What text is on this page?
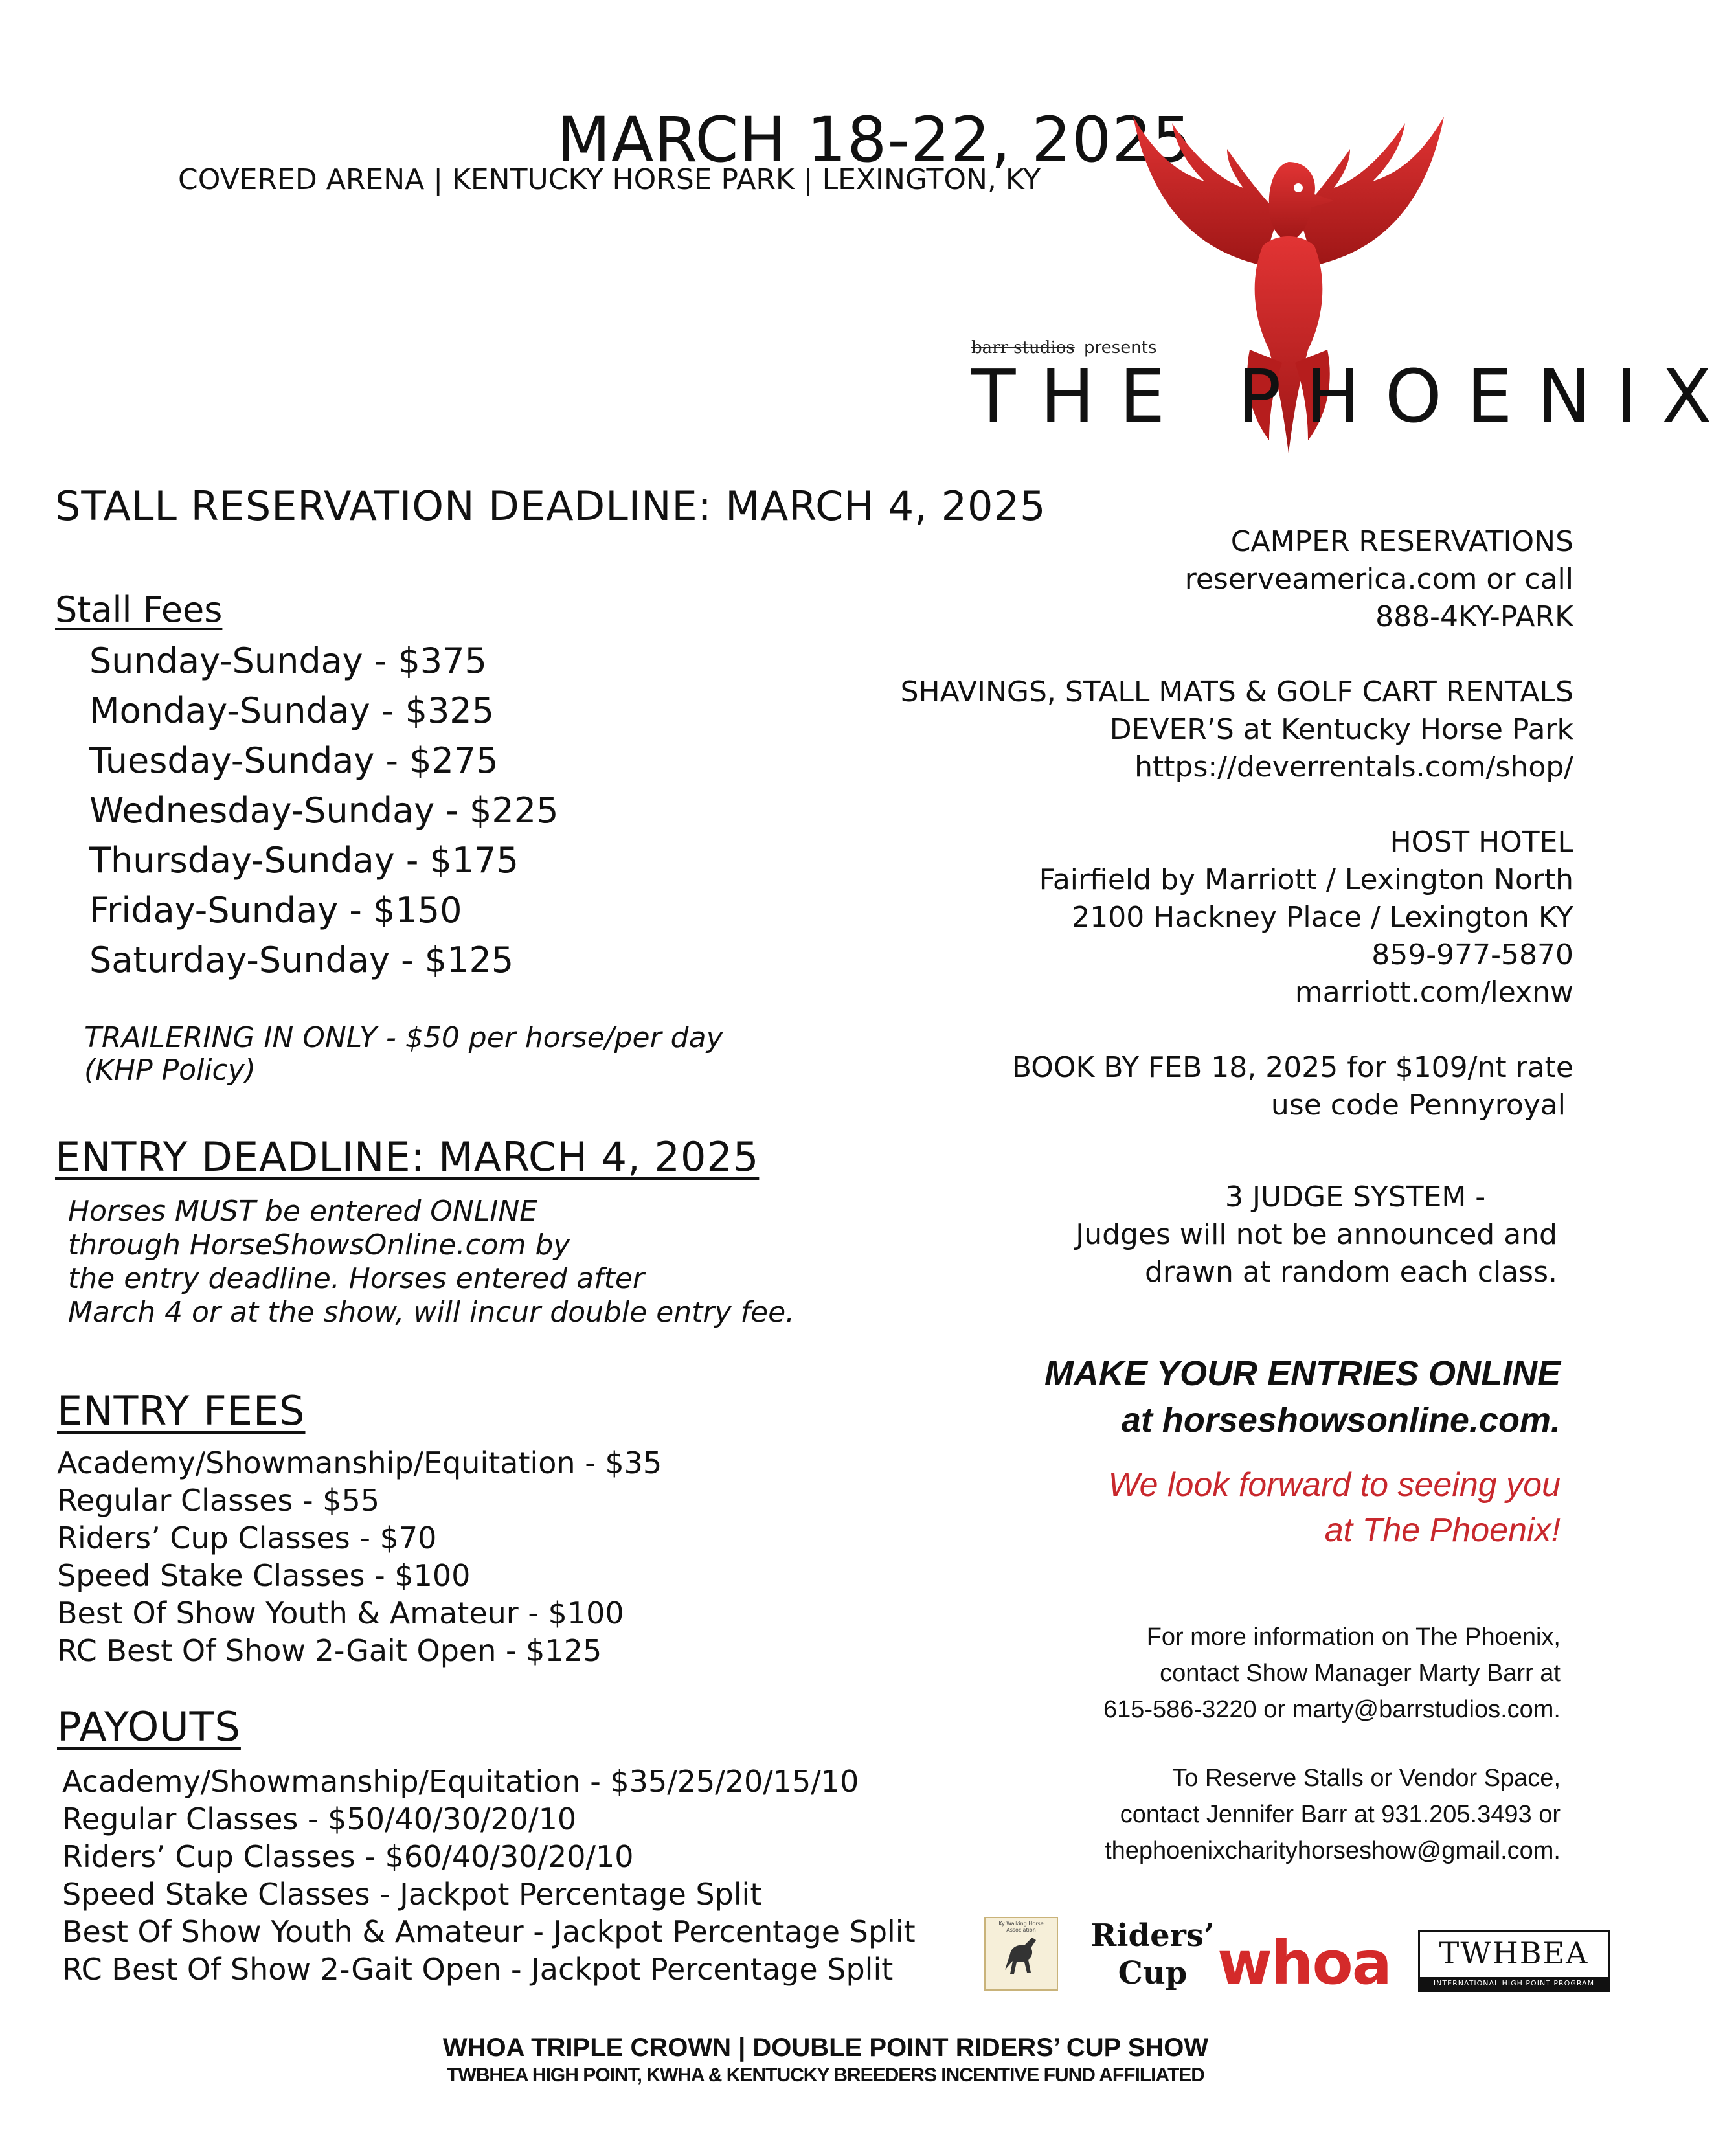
MARCH 18-22, 2025
COVERED ARENA | KENTUCKY HORSE PARK | LEXINGTON, KY
barr studios presents
THE PHOENIX
STALL RESERVATION DEADLINE: MARCH 4, 2025
Stall Fees
Sunday-Sunday - $375
Monday-Sunday - $325
Tuesday-Sunday - $275
Wednesday-Sunday - $225
Thursday-Sunday - $175
Friday-Sunday - $150
Saturday-Sunday - $125
TRAILERING IN ONLY - $50 per horse/per day
(KHP Policy)
ENTRY DEADLINE: MARCH 4, 2025
Horses MUST be entered ONLINE
through HorseShowsOnline.com by
the entry deadline. Horses entered after
March 4 or at the show, will incur double entry fee.
ENTRY FEES
Academy/Showmanship/Equitation - $35
Regular Classes - $55
Riders’ Cup Classes - $70
Speed Stake Classes - $100
Best Of Show Youth & Amateur - $100
RC Best Of Show 2-Gait Open - $125
PAYOUTS
Academy/Showmanship/Equitation - $35/25/20/15/10
Regular Classes - $50/40/30/20/10
Riders’ Cup Classes - $60/40/30/20/10
Speed Stake Classes - Jackpot Percentage Split
Best Of Show Youth & Amateur - Jackpot Percentage Split
RC Best Of Show 2-Gait Open - Jackpot Percentage Split
CAMPER RESERVATIONS
reserveamerica.com or call
888-4KY-PARK
SHAVINGS, STALL MATS & GOLF CART RENTALS
DEVER’S at Kentucky Horse Park
https://deverrentals.com/shop/
HOST HOTEL
Fairfield by Marriott / Lexington North
2100 Hackney Place / Lexington KY
859-977-5870
marriott.com/lexnw
BOOK BY FEB 18, 2025 for $109/nt rate
use code Pennyroyal
3 JUDGE SYSTEM -
Judges will not be announced and
drawn at random each class.
MAKE YOUR ENTRIES ONLINE
at horseshowsonline.com.
We look forward to seeing you
at The Phoenix!
For more information on The Phoenix,
contact Show Manager Marty Barr at
615-586-3220 or marty@barrstudios.com.
To Reserve Stalls or Vendor Space,
contact Jennifer Barr at 931.205.3493 or
thephoenixcharityhorseshow@gmail.com.
Ky Walking Horse Association	Riders’
Cup whoa	TWHBEA
INTERNATIONAL HIGH POINT PROGRAM
WHOA TRIPLE CROWN | DOUBLE POINT RIDERS’ CUP SHOW
TWBHEA HIGH POINT, KWHA & KENTUCKY BREEDERS INCENTIVE FUND AFFILIATED
